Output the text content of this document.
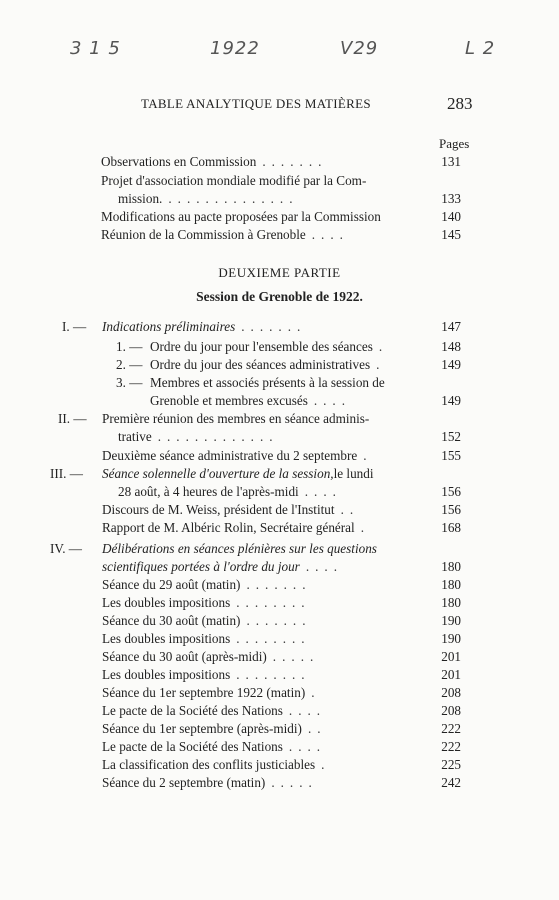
3 1 5	1922	V29	L 2
TABLE ANALYTIQUE DES MATIÈRES	283
Pages
Observations en Commission .......	131
Projet d'association mondiale modifié par la Com-
mission. ..............	133
Modifications au pacte proposées par la Commission	140
Réunion de la Commission à Grenoble ....	145
DEUXIEME PARTIE
Session de Grenoble de 1922.
I. —	Indications préliminaires .......	147
1. — Ordre du jour pour l'ensemble des séances .	148
2. — Ordre du jour des séances administratives .	149
3. — Membres et associés présents à la session de
Grenoble et membres excusés ....	149
II. —	Première réunion des membres en séance adminis-
trative .............	152
Deuxième séance administrative du 2 septembre .	155
III. —	Séance solennelle d'ouverture de la session, le lundi
28 août, à 4 heures de l'après-midi ....	156
Discours de M. Weiss, président de l'Institut ..	156
Rapport de M. Albéric Rolin, Secrétaire général .	168
IV. —	Délibérations en séances plénières sur les questions
scientifiques portées à l'ordre du jour ....	180
Séance du 29 août (matin) .......	180
Les doubles impositions ........	180
Séance du 30 août (matin) .......	190
Les doubles impositions ........	190
Séance du 30 août (après-midi) .....	201
Les doubles impositions ........	201
Séance du 1er septembre 1922 (matin) .	208
Le pacte de la Société des Nations ....	208
Séance du 1er septembre (après-midi) ..	222
Le pacte de la Société des Nations ....	222
La classification des conflits justiciables .	225
Séance du 2 septembre (matin) .....	242
